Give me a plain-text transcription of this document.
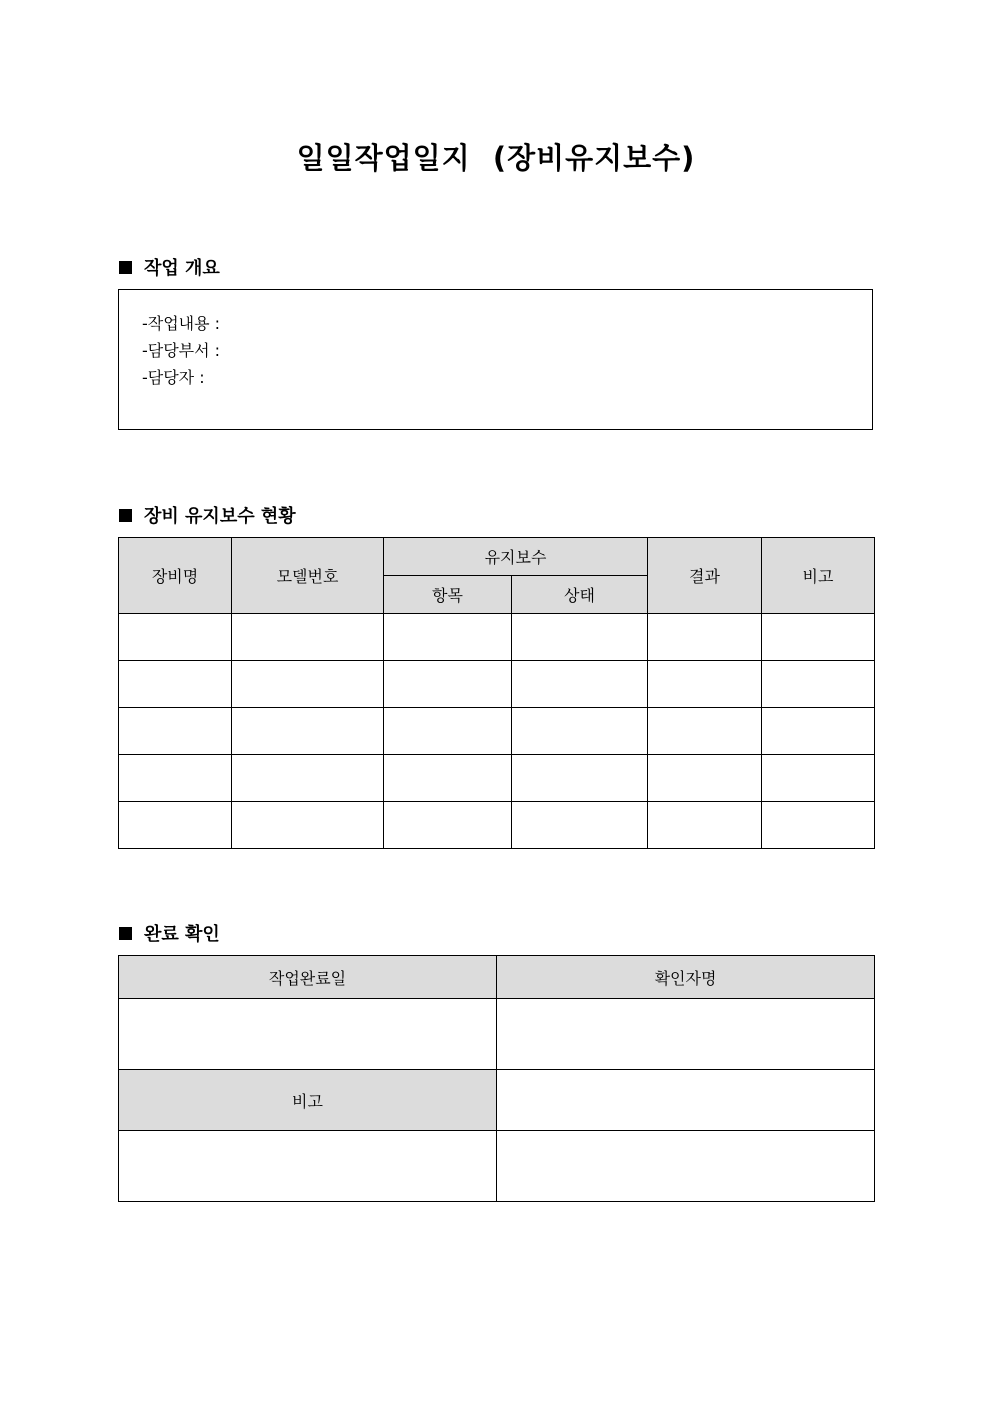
일일작업일지  (장비유지보수)
작업 개요
-작업내용 :
-담당부서 :
-담당자 :
장비 유지보수 현황
장비명	모델번호	유지보수		결과	비고
		항목	상태		

완료 확인
작업완료일	확인자명

비고	
